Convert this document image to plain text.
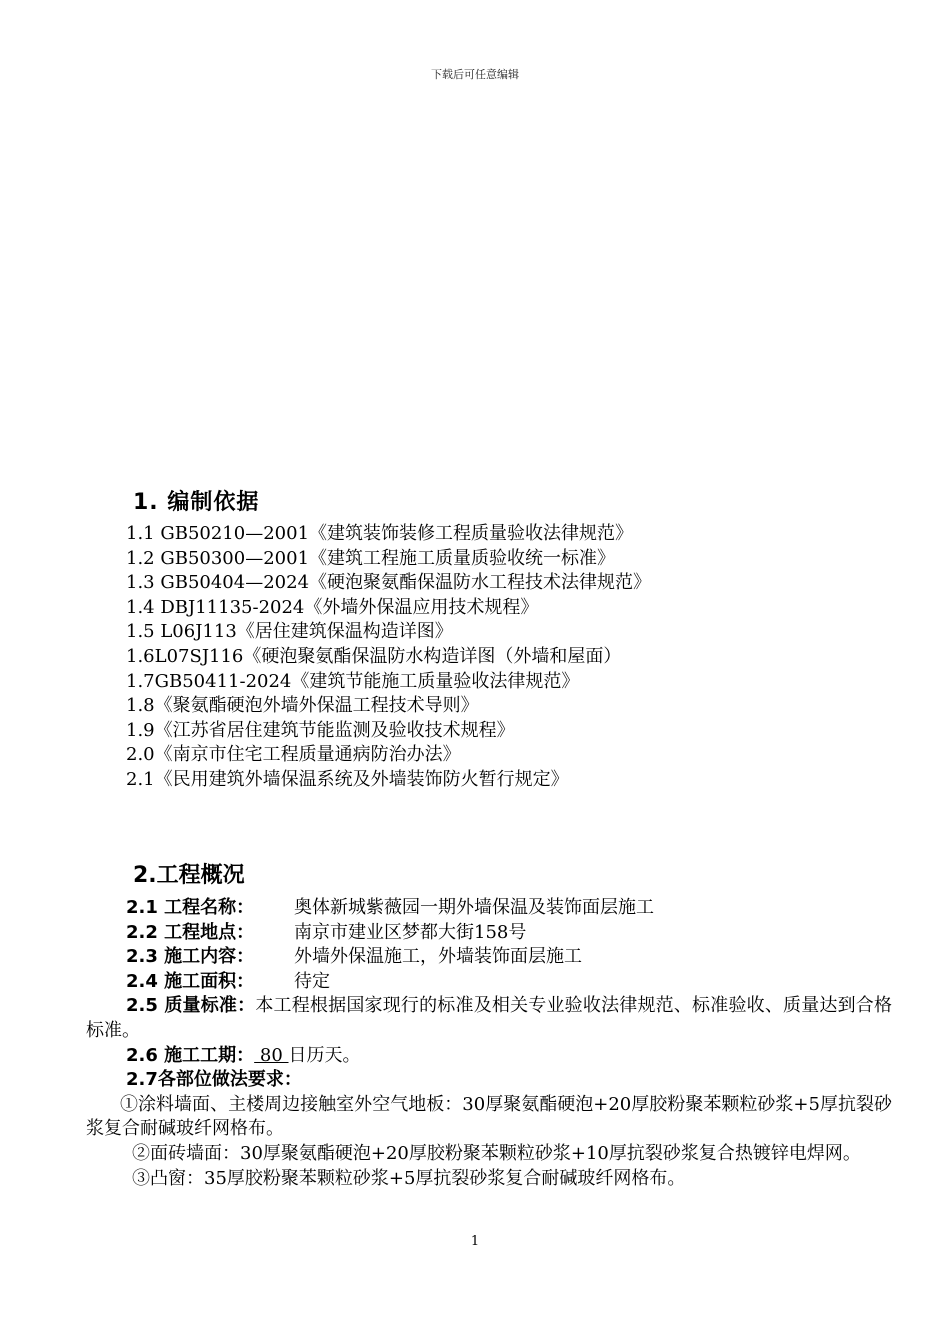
下载后可任意编辑
1. 编制依据
1.1 GB50210—2001《建筑装饰装修工程质量验收法律规范》
1.2 GB50300—2001《建筑工程施工质量质验收统一标准》
1.3 GB50404—2024《硬泡聚氨酯保温防水工程技术法律规范》
1.4 DBJ11135-2024《外墙外保温应用技术规程》
1.5 L06J113《居住建筑保温构造详图》
1.6L07SJ116《硬泡聚氨酯保温防水构造详图（外墙和屋面）
1.7GB50411-2024《建筑节能施工质量验收法律规范》
1.8《聚氨酯硬泡外墙外保温工程技术导则》
1.9《江苏省居住建筑节能监测及验收技术规程》
2.0《南京市住宅工程质量通病防治办法》
2.1《民用建筑外墙保温系统及外墙装饰防火暂行规定》
2.工程概况
2.1 工程名称： 奥体新城紫薇园一期外墙保温及装饰面层施工
2.2 工程地点： 南京市建业区梦都大街158号
2.3 施工内容： 外墙外保温施工，外墙装饰面层施工
2.4 施工面积： 待定
2.5 质量标准：本工程根据国家现行的标准及相关专业验收法律规范、标准验收、质量达到合格标准。
2.6 施工工期： 80 日历天。
2.7各部位做法要求：
①涂料墙面、主楼周边接触室外空气地板：30厚聚氨酯硬泡+20厚胶粉聚苯颗粒砂浆+5厚抗裂砂浆复合耐碱玻纤网格布。
②面砖墙面：30厚聚氨酯硬泡+20厚胶粉聚苯颗粒砂浆+10厚抗裂砂浆复合热镀锌电焊网。
③凸窗：35厚胶粉聚苯颗粒砂浆+5厚抗裂砂浆复合耐碱玻纤网格布。
1
